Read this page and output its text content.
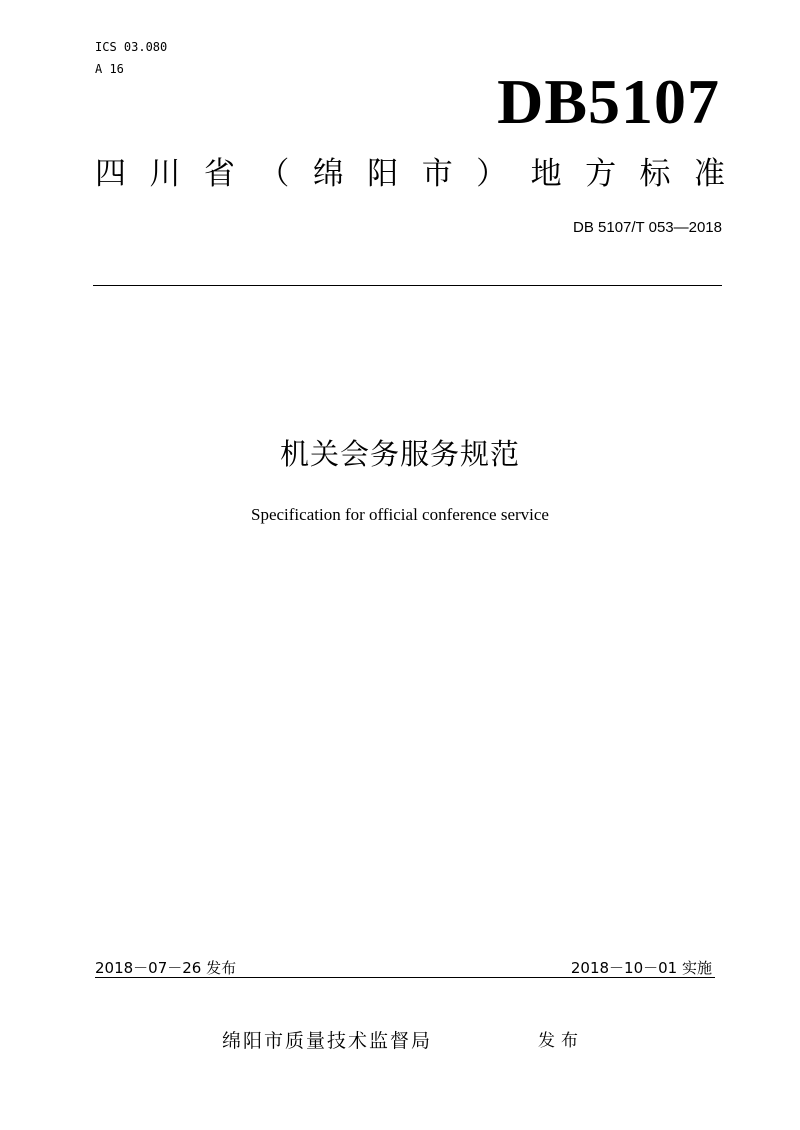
ICS 03.080
A 16	DB5107
四 川 省 （ 绵 阳 市 ） 地 方 标 准
DB 5107/T 053—2018
机关会务服务规范
Specification for official conference service
2018－07－26 发布	2018－10－01 实施
绵阳市质量技术监督局	发布
